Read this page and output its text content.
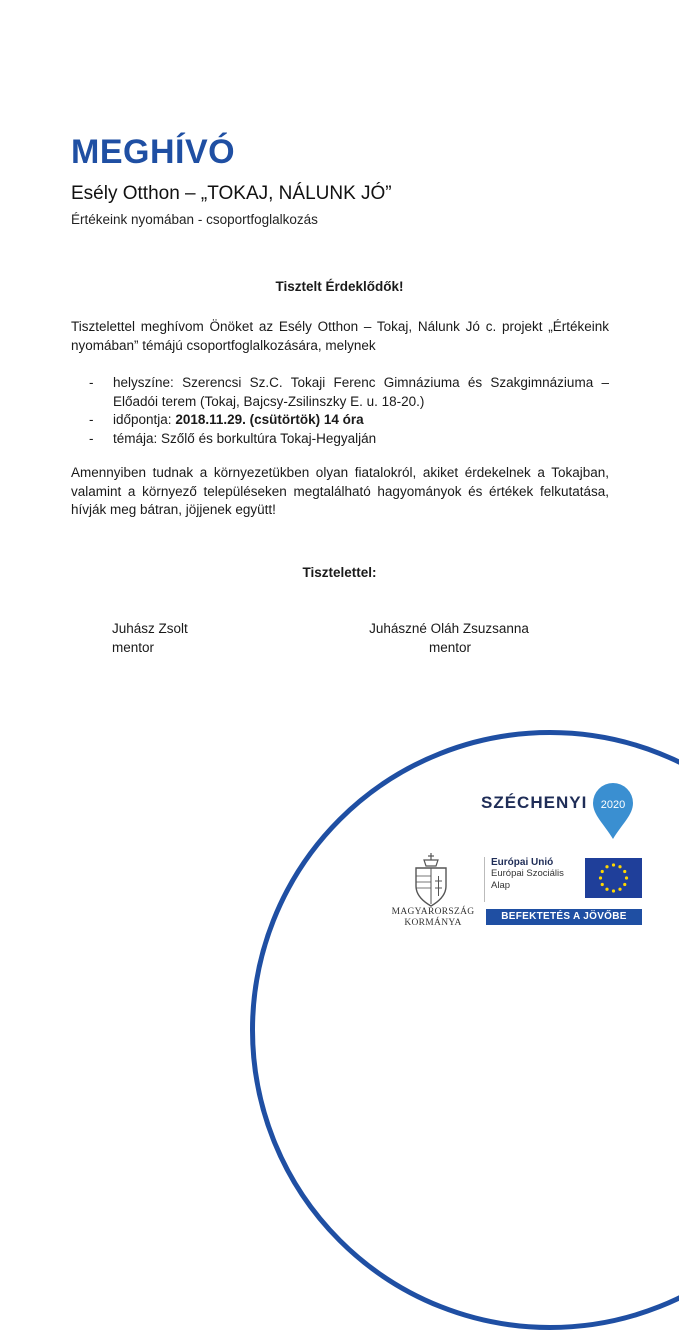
MEGHÍVÓ
Esély Otthon – „TOKAJ, NÁLUNK JÓ”
Értékeink nyomában - csoportfoglalkozás
Tisztelt Érdeklődők!
Tisztelettel meghívom Önöket az Esély Otthon – Tokaj, Nálunk Jó c. projekt „Értékeink nyomában” témájú csoportfoglalkozására, melynek
- helyszíne: Szerencsi Sz.C. Tokaji Ferenc Gimnáziuma és Szakgimnáziuma – Előadói terem (Tokaj, Bajcsy-Zsilinszky E. u. 18-20.)
- időpontja: 2018.11.29. (csütörtök) 14 óra
- témája: Szőlő és borkultúra Tokaj-Hegyalján
Amennyiben tudnak a környezetükben olyan fiatalokról, akiket érdekelnek a Tokajban, valamint a környező településeken megtalálható hagyományok és értékek felkutatása, hívják meg bátran, jöjjenek együtt!
Tisztelettel:
Juhász Zsolt
mentor
Juhászné Oláh Zsuzsanna
mentor
SZÉCHENYI 2020
MAGYARORSZÁG
KORMÁNYA
Európai Unió
Európai Szociális
Alap
BEFEKTETÉS A JÖVŐBE
